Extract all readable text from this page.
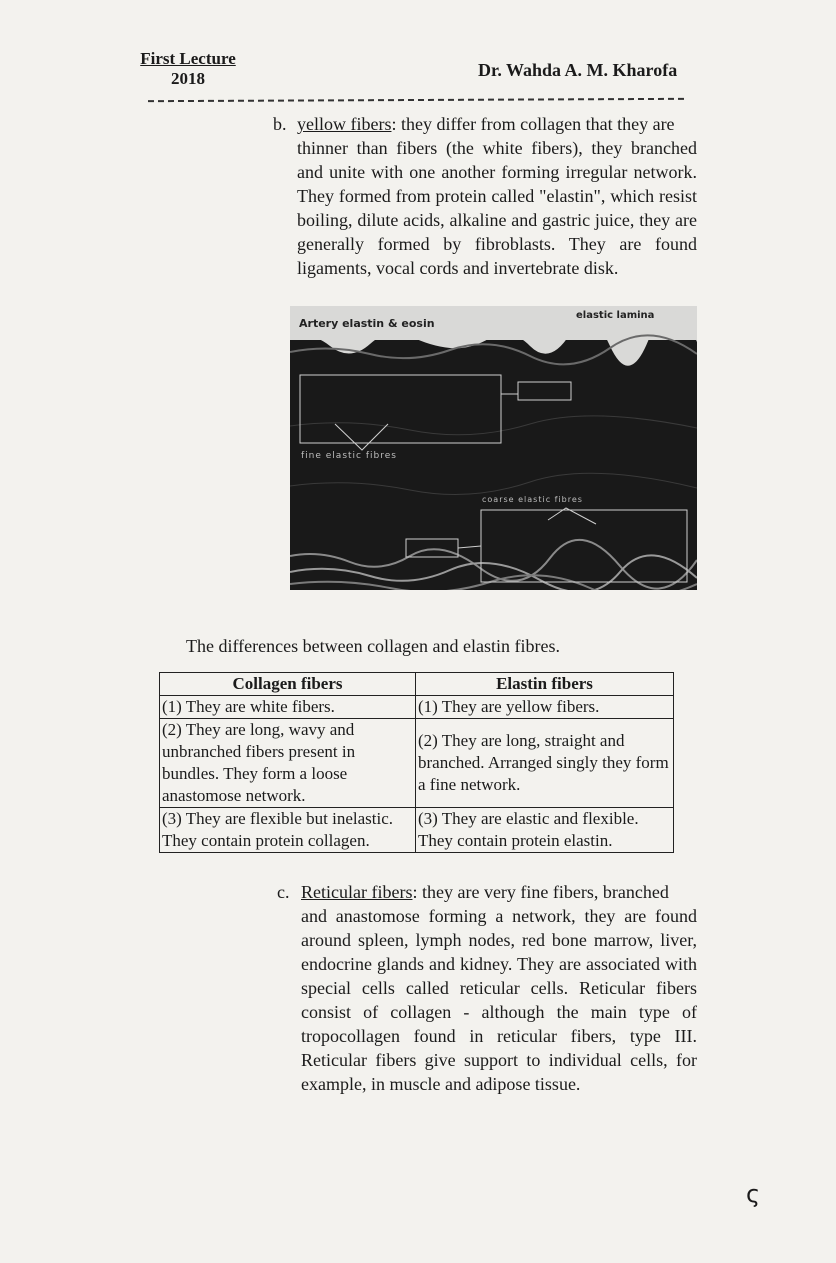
First Lecture
2018	Dr. Wahda A. M. Kharofa
b. yellow fibers: they differ from collagen that they are
thinner than fibers (the white fibers), they branched and unite with one another forming irregular network. They formed from protein called "elastin", which resist boiling, dilute acids, alkaline and gastric juice, they are generally formed by fibroblasts. They are found ligaments, vocal cords and invertebrate disk.
Artery elastin & eosin
elastic lamina
fine elastic fibres
coarse elastic fibres
The differences between collagen and elastin fibres.
Collagen fibers	Elastin fibers
(1) They are white fibers.	(1) They are yellow fibers.
(2) They are long, wavy and unbranched fibers present in bundles. They form a loose anastomose network.	(2) They are long, straight and branched. Arranged singly they form a fine network.
(3) They are flexible but inelastic. They contain protein collagen.	(3) They are elastic and flexible. They contain protein elastin.
c. Reticular fibers: they are very fine fibers, branched
and anastomose forming a network, they are found around spleen, lymph nodes, red bone marrow, liver, endocrine glands and kidney. They are associated with special cells called reticular cells. Reticular fibers consist of collagen - although the main type of tropocollagen found in reticular fibers, type III. Reticular fibers give support to individual cells, for example, in muscle and adipose tissue.
ς
